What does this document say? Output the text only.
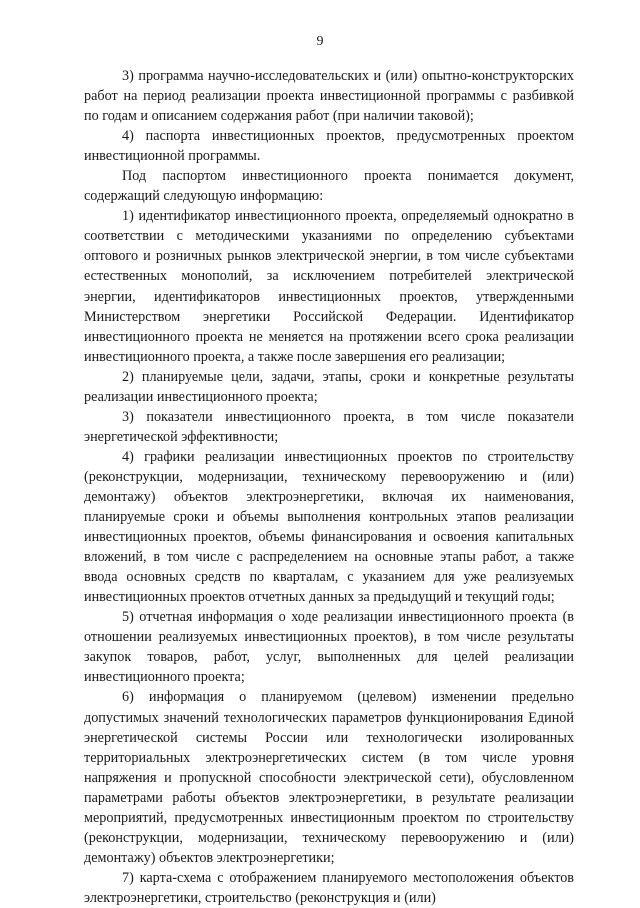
9

3) программа научно-исследовательских и (или) опытно-конструкторских работ на период реализации проекта инвестиционной программы с разбивкой по годам и описанием содержания работ (при наличии таковой);

4) паспорта инвестиционных проектов, предусмотренных проектом инвестиционной программы.

Под паспортом инвестиционного проекта понимается документ, содержащий следующую информацию:

1) идентификатор инвестиционного проекта, определяемый однократно в соответствии с методическими указаниями по определению субъектами оптового и розничных рынков электрической энергии, в том числе субъектами естественных монополий, за исключением потребителей электрической энергии, идентификаторов инвестиционных проектов, утвержденными Министерством энергетики Российской Федерации. Идентификатор инвестиционного проекта не меняется на протяжении всего срока реализации инвестиционного проекта, а также после завершения его реализации;

2) планируемые цели, задачи, этапы, сроки и конкретные результаты реализации инвестиционного проекта;

3) показатели инвестиционного проекта, в том числе показатели энергетической эффективности;

4) графики реализации инвестиционных проектов по строительству (реконструкции, модернизации, техническому перевооружению и (или) демонтажу) объектов электроэнергетики, включая их наименования, планируемые сроки и объемы выполнения контрольных этапов реализации инвестиционных проектов, объемы финансирования и освоения капитальных вложений, в том числе с распределением на основные этапы работ, а также ввода основных средств по кварталам, с указанием для уже реализуемых инвестиционных проектов отчетных данных за предыдущий и текущий годы;

5) отчетная информация о ходе реализации инвестиционного проекта (в отношении реализуемых инвестиционных проектов), в том числе результаты закупок товаров, работ, услуг, выполненных для целей реализации инвестиционного проекта;

6) информация о планируемом (целевом) изменении предельно допустимых значений технологических параметров функционирования Единой энергетической системы России или технологически изолированных территориальных электроэнергетических систем (в том числе уровня напряжения и пропускной способности электрической сети), обусловленном параметрами работы объектов электроэнергетики, в результате реализации мероприятий, предусмотренных инвестиционным проектом по строительству (реконструкции, модернизации, техническому перевооружению и (или) демонтажу) объектов электроэнергетики;

7) карта-схема с отображением планируемого местоположения объектов электроэнергетики, строительство (реконструкция и (или)
